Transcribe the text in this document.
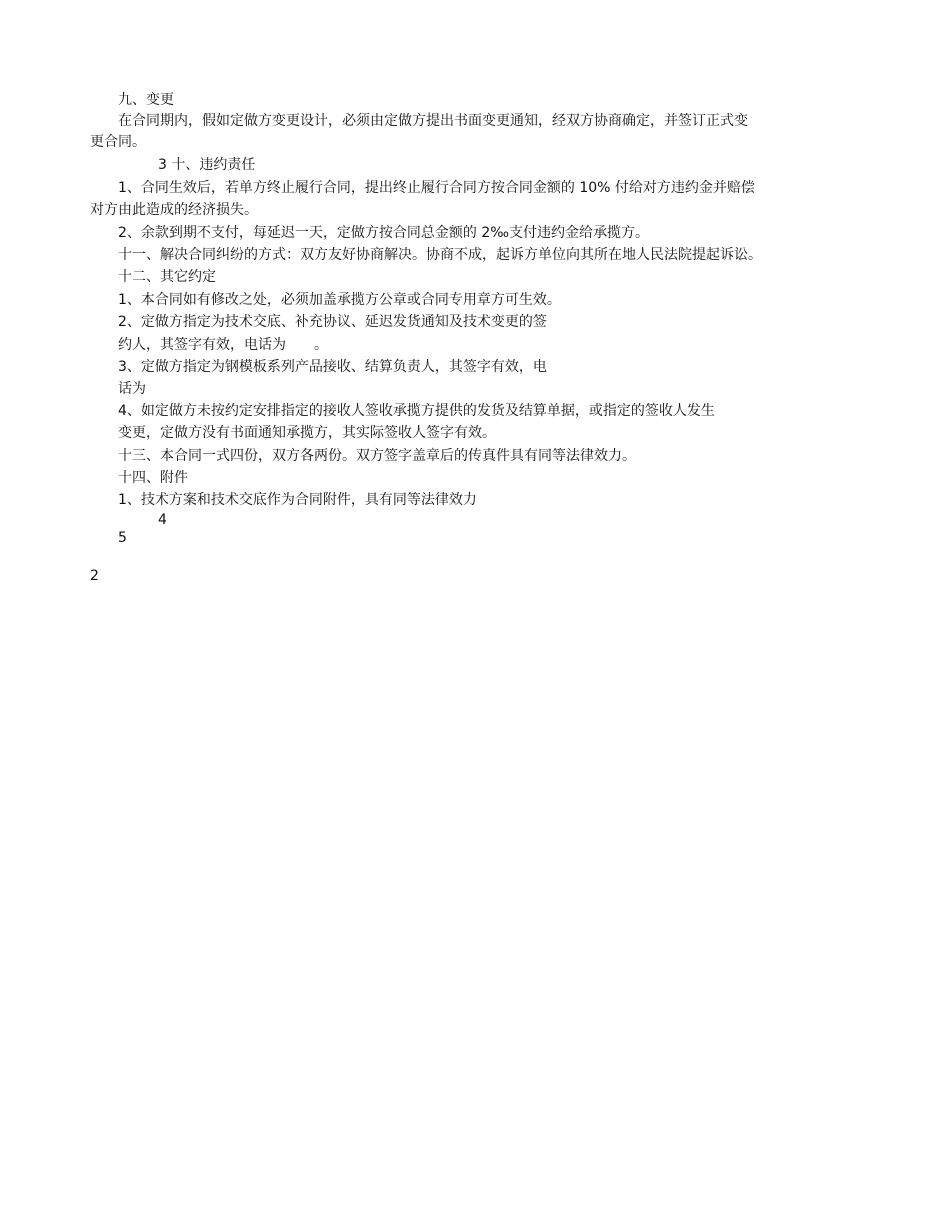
九、变更
在合同期内，假如定做方变更设计，必须由定做方提出书面变更通知，经双方协商确定，并签订正式变
更合同。
3 十、违约责任
1、合同生效后，若单方终止履行合同，提出终止履行合同方按合同金额的 10% 付给对方违约金并赔偿
对方由此造成的经济损失。
2、余款到期不支付，每延迟一天，定做方按合同总金额的 2‰支付违约金给承揽方。
十一、解决合同纠纷的方式：双方友好协商解决。协商不成，起诉方单位向其所在地人民法院提起诉讼。
十二、其它约定
1、本合同如有修改之处，必须加盖承揽方公章或合同专用章方可生效。
2、定做方指定为技术交底、补充协议、延迟发货通知及技术变更的签
约人，其签字有效，电话为　　。
3、定做方指定为钢模板系列产品接收、结算负责人，其签字有效，电
话为
4、如定做方未按约定安排指定的接收人签收承揽方提供的发货及结算单据，或指定的签收人发生
变更，定做方没有书面通知承揽方，其实际签收人签字有效。
十三、本合同一式四份，双方各两份。双方签字盖章后的传真件具有同等法律效力。
十四、附件
1、技术方案和技术交底作为合同附件，具有同等法律效力
4
5
2
